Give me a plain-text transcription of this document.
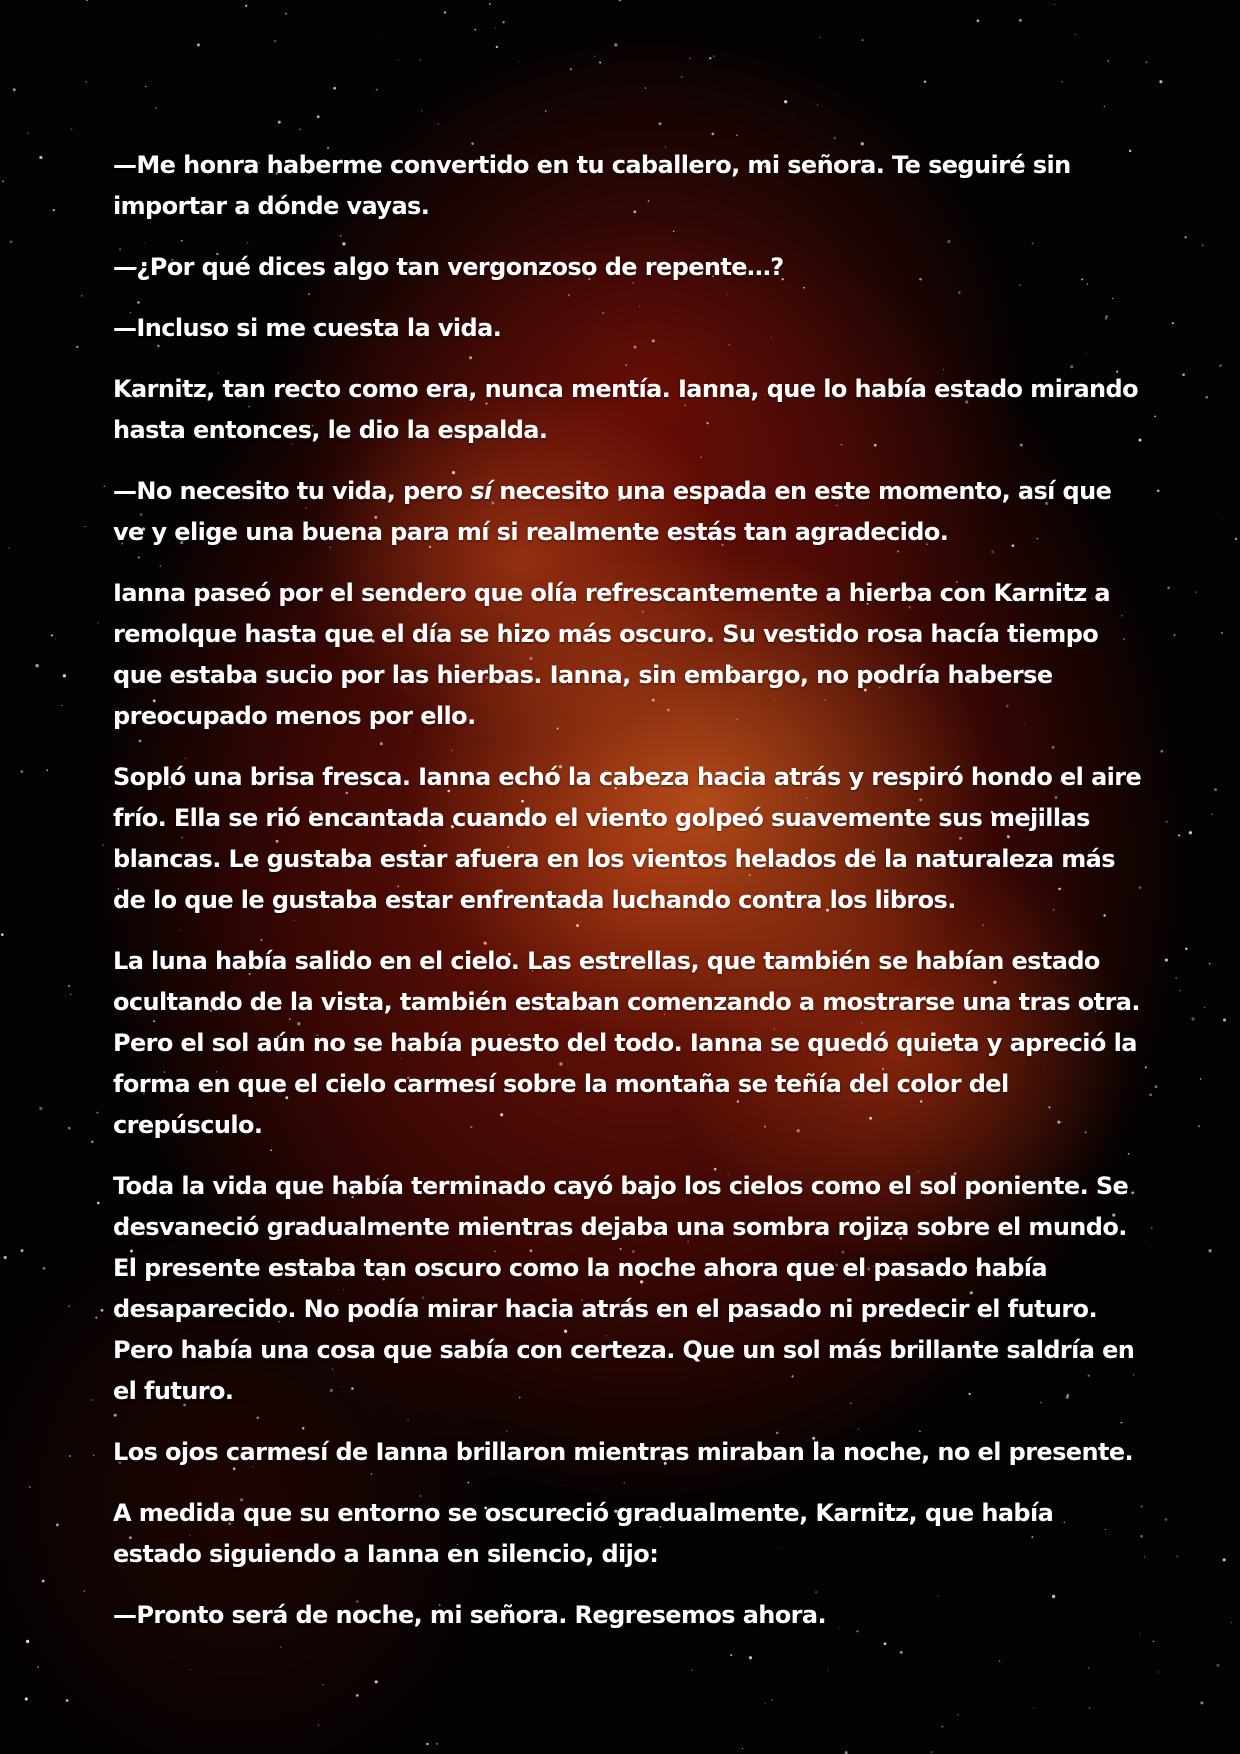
—Me honra haberme convertido en tu caballero, mi señora. Te seguiré sin importar a dónde vayas.

—¿Por qué dices algo tan vergonzoso de repente…?

—Incluso si me cuesta la vida.

Karnitz, tan recto como era, nunca mentía. Ianna, que lo había estado mirando hasta entonces, le dio la espalda.

—No necesito tu vida, pero sí necesito una espada en este momento, así que ve y elige una buena para mí si realmente estás tan agradecido.

Ianna paseó por el sendero que olía refrescantemente a hierba con Karnitz a remolque hasta que el día se hizo más oscuro. Su vestido rosa hacía tiempo que estaba sucio por las hierbas. Ianna, sin embargo, no podría haberse preocupado menos por ello.

Sopló una brisa fresca. Ianna echó la cabeza hacia atrás y respiró hondo el aire frío. Ella se rió encantada cuando el viento golpeó suavemente sus mejillas blancas. Le gustaba estar afuera en los vientos helados de la naturaleza más de lo que le gustaba estar enfrentada luchando contra los libros.

La luna había salido en el cielo. Las estrellas, que también se habían estado ocultando de la vista, también estaban comenzando a mostrarse una tras otra. Pero el sol aún no se había puesto del todo. Ianna se quedó quieta y apreció la forma en que el cielo carmesí sobre la montaña se teñía del color del crepúsculo.

Toda la vida que había terminado cayó bajo los cielos como el sol poniente. Se desvaneció gradualmente mientras dejaba una sombra rojiza sobre el mundo. El presente estaba tan oscuro como la noche ahora que el pasado había desaparecido. No podía mirar hacia atrás en el pasado ni predecir el futuro. Pero había una cosa que sabía con certeza. Que un sol más brillante saldría en el futuro.

Los ojos carmesí de Ianna brillaron mientras miraban la noche, no el presente.

A medida que su entorno se oscureció gradualmente, Karnitz, que había estado siguiendo a Ianna en silencio, dijo:

—Pronto será de noche, mi señora. Regresemos ahora.
